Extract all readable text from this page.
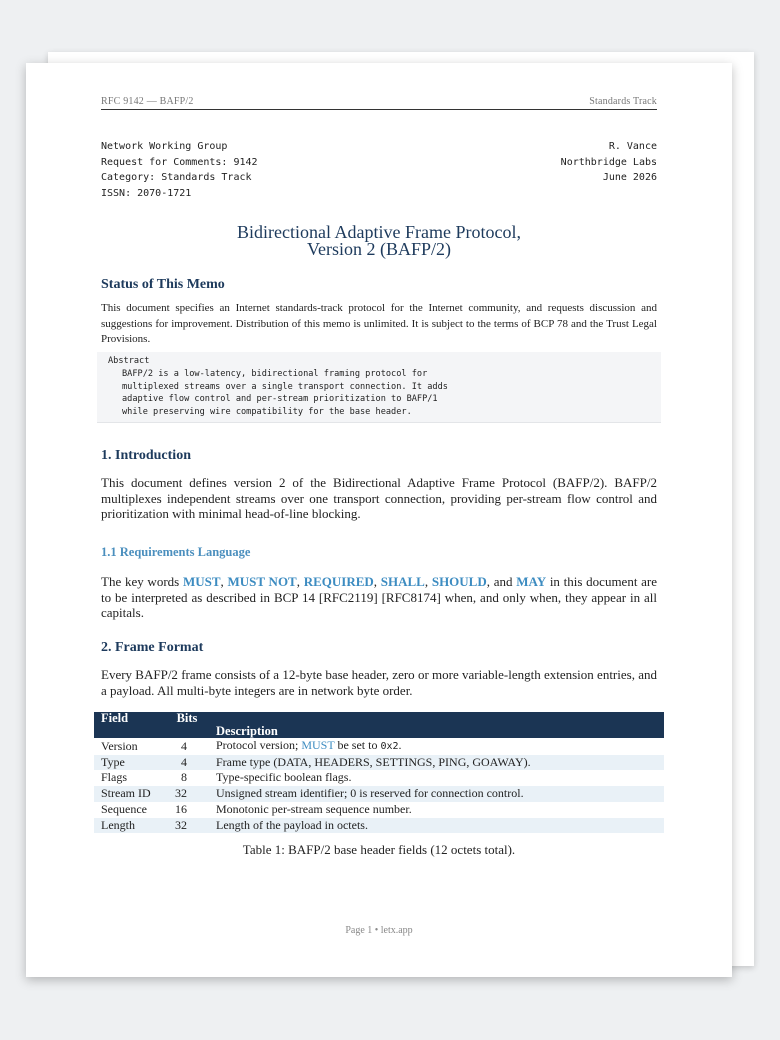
RFC 9142 — BAFP/2	Standards Track
Network Working Group
Request for Comments: 9142
Category: Standards Track
ISSN: 2070-1721
R. Vance
Northbridge Labs
June 2026
Bidirectional Adaptive Frame Protocol,
Version 2 (BAFP/2)
Status of This Memo

This document specifies an Internet standards-track protocol for the Internet community, and requests discussion and suggestions for improvement. Distribution of this memo is unlimited. It is subject to the terms of BCP 78 and the Trust Legal Provisions.

Abstract
BAFP/2 is a low-latency, bidirectional framing protocol for
multiplexed streams over a single transport connection. It adds
adaptive flow control and per-stream prioritization to BAFP/1
while preserving wire compatibility for the base header.
1. Introduction

This document defines version 2 of the Bidirectional Adaptive Frame Protocol (BAFP/2). BAFP/2 multiplexes independent streams over one transport connection, providing per-stream flow control and prioritization with minimal head-of-line blocking.

1.1 Requirements Language

The key words MUST, MUST NOT, REQUIRED, SHALL, SHOULD, and MAY in this document are to be interpreted as described in BCP 14 [RFC2119] [RFC8174] when, and only when, they appear in all capitals.

2. Frame Format

Every BAFP/2 frame consists of a 12-byte base header, zero or more variable-length extension entries, and a payload. All multi-byte integers are in network byte order.

Field	Bits	Description
Version	4	Protocol version; MUST be set to 0x2.
Type	4	Frame type (DATA, HEADERS, SETTINGS, PING, GOAWAY).
Flags	8	Type-specific boolean flags.
Stream ID	32	Unsigned stream identifier; 0 is reserved for connection control.
Sequence	16	Monotonic per-stream sequence number.
Length	32	Length of the payload in octets.
Table 1: BAFP/2 base header fields (12 octets total).
Page 1 • letx.app
